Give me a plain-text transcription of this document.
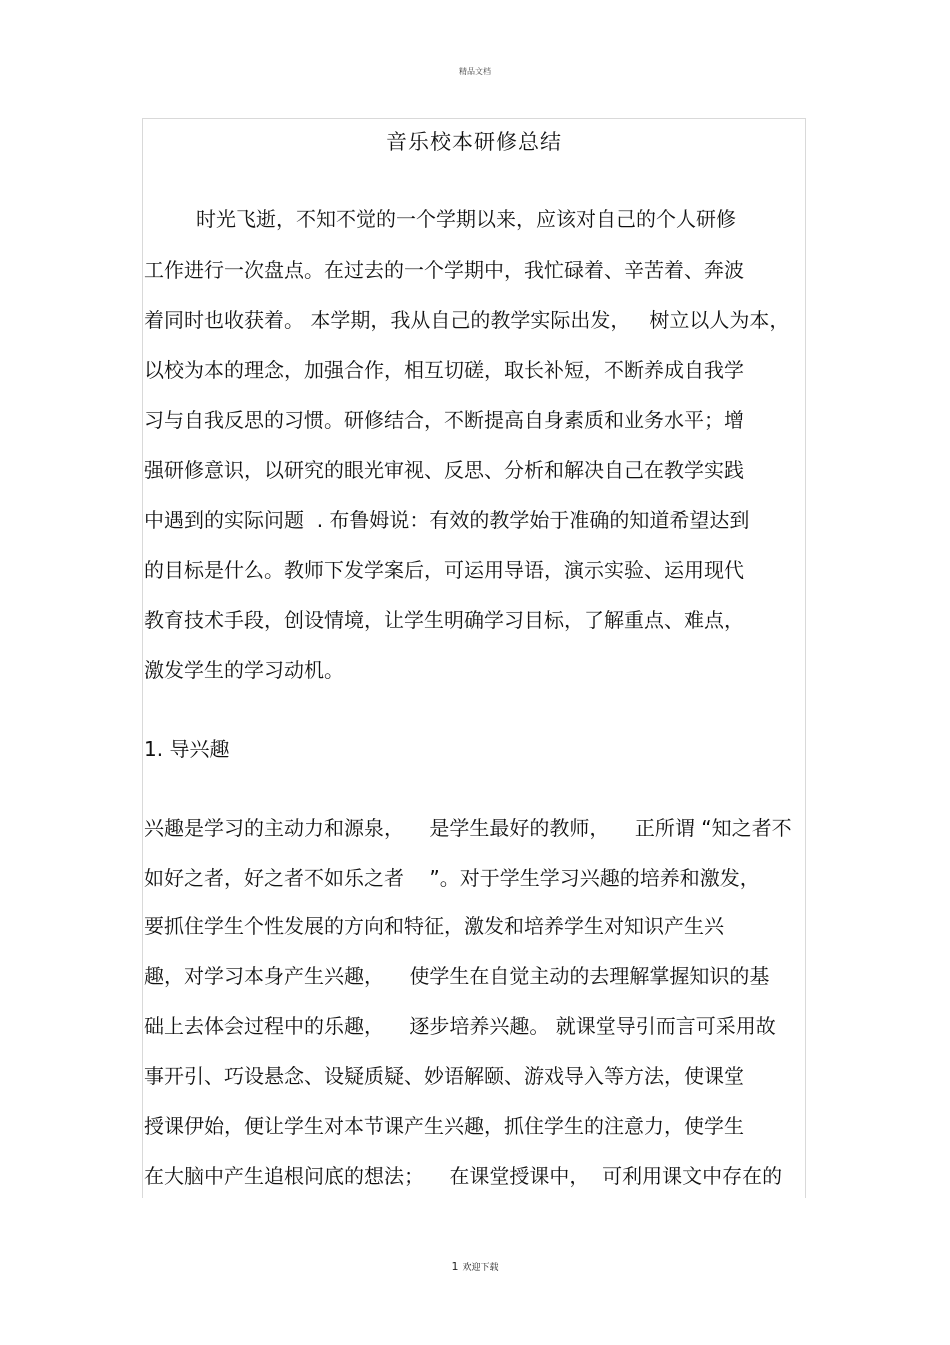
精品文档
音乐校本研修总结
时光飞逝，不知不觉的一个学期以来，应该对自己的个人研修
工作进行一次盘点。在过去的一个学期中，我忙碌着、辛苦着、奔波
着同时也收获着。 本学期，我从自己的教学实际出发，   树立以人为本，
以校为本的理念，加强合作，相互切磋，取长补短，不断养成自我学
习与自我反思的习惯。研修结合，不断提高自身素质和业务水平；增
强研修意识，以研究的眼光审视、反思、分析和解决自己在教学实践
中遇到的实际问题  . 布鲁姆说：有效的教学始于准确的知道希望达到
的目标是什么。教师下发学案后，可运用导语，演示实验、运用现代
教育技术手段，创设情境，让学生明确学习目标，了解重点、难点，
激发学生的学习动机。
1. 导兴趣
兴趣是学习的主动力和源泉，    是学生最好的教师，    正所谓 “知之者不
如好之者，好之者不如乐之者    ”。对于学生学习兴趣的培养和激发，
要抓住学生个性发展的方向和特征，激发和培养学生对知识产生兴
趣，对学习本身产生兴趣，    使学生在自觉主动的去理解掌握知识的基
础上去体会过程中的乐趣，    逐步培养兴趣。 就课堂导引而言可采用故
事开引、巧设悬念、设疑质疑、妙语解颐、游戏导入等方法，使课堂
授课伊始，便让学生对本节课产生兴趣，抓住学生的注意力，使学生
在大脑中产生追根问底的想法；    在课堂授课中，  可利用课文中存在的
1 欢迎下载
